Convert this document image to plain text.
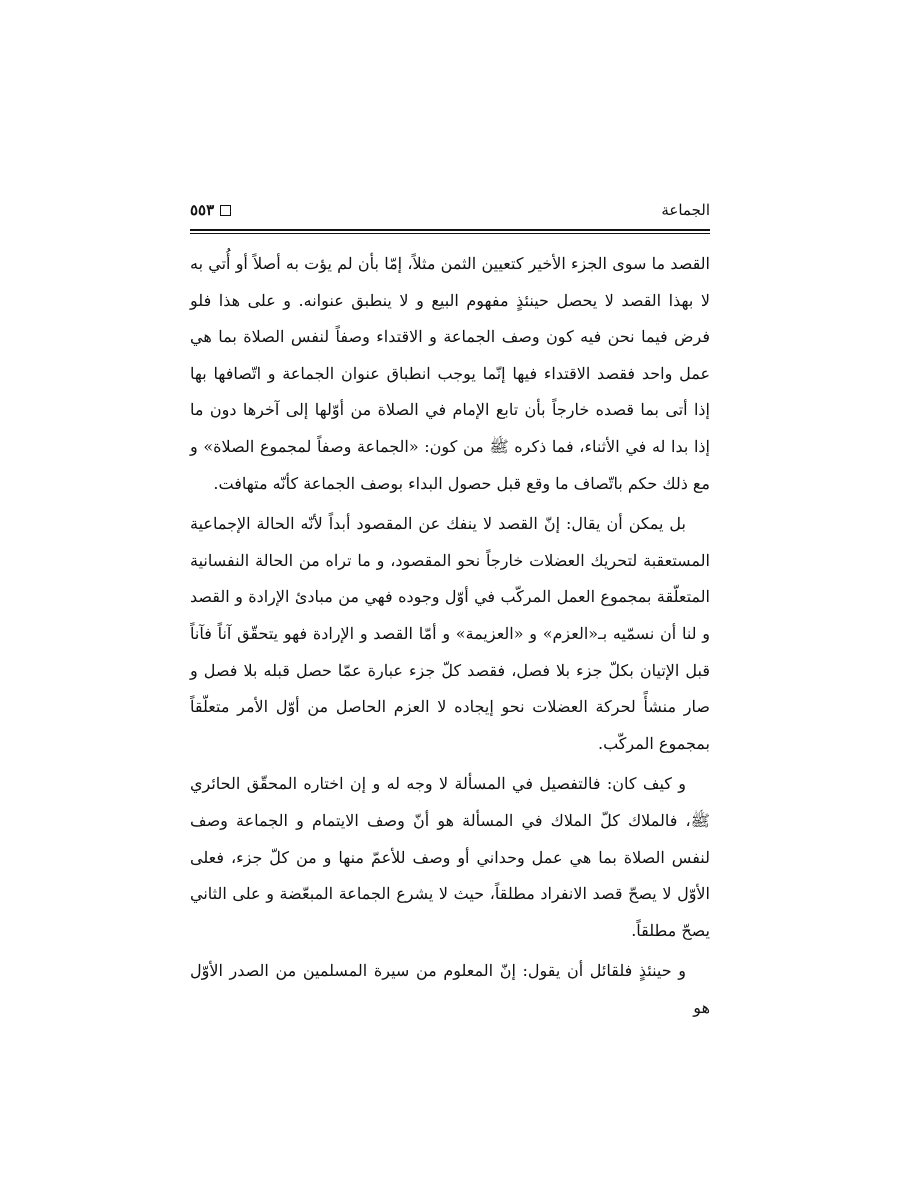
الجماعة
٥٥٣

القصد ما سوى الجزء الأخير كتعيين الثمن مثلاً، إمّا بأن لم يؤت به أصلاً أو أُتي به لا بهذا القصد لا يحصل حينئذٍ مفهوم البيع و لا ينطبق عنوانه. و على هذا فلو فرض فيما نحن فيه كون وصف الجماعة و الاقتداء وصفاً لنفس الصلاة بما هي عمل واحد فقصد الاقتداء فيها إنّما يوجب انطباق عنوان الجماعة و اتّصافها بها إذا أتى بما قصده خارجاً بأن تابع الإمام في الصلاة من أوّلها إلى آخرها دون ما إذا بدا له في الأثناء، فما ذكره ﷺ من كون: «الجماعة وصفاً لمجموع الصلاة» و مع ذلك حكم باتّصاف ما وقع قبل حصول البداء بوصف الجماعة كأنّه متهافت.

بل يمكن أن يقال: إنّ القصد لا ينفك عن المقصود أبداً لأنّه الحالة الإجماعية المستعقبة لتحريك العضلات خارجاً نحو المقصود، و ما تراه من الحالة النفسانية المتعلّقة بمجموع العمل المركّب في أوّل وجوده فهي من مبادئ الإرادة و القصد و لنا أن نسمّيه بـ«العزم» و «العزيمة» و أمّا القصد و الإرادة فهو يتحقّق آناً فآناً قبل الإتيان بكلّ جزء بلا فصل، فقصد كلّ جزء عبارة عمّا حصل قبله بلا فصل و صار منشأً لحركة العضلات نحو إيجاده لا العزم الحاصل من أوّل الأمر متعلّقاً بمجموع المركّب.

و كيف كان: فالتفصيل في المسألة لا وجه له و إن اختاره المحقّق الحائري ﷺ، فالملاك كلّ الملاك في المسألة هو أنّ وصف الايتمام و الجماعة وصف لنفس الصلاة بما هي عمل وحداني أو وصف للأعمّ منها و من كلّ جزء، فعلى الأوّل لا يصحّ قصد الانفراد مطلقاً، حيث لا يشرع الجماعة المبعّضة و على الثاني يصحّ مطلقاً.

و حينئذٍ فلقائل أن يقول: إنّ المعلوم من سيرة المسلمين من الصدر الأوّل هو
